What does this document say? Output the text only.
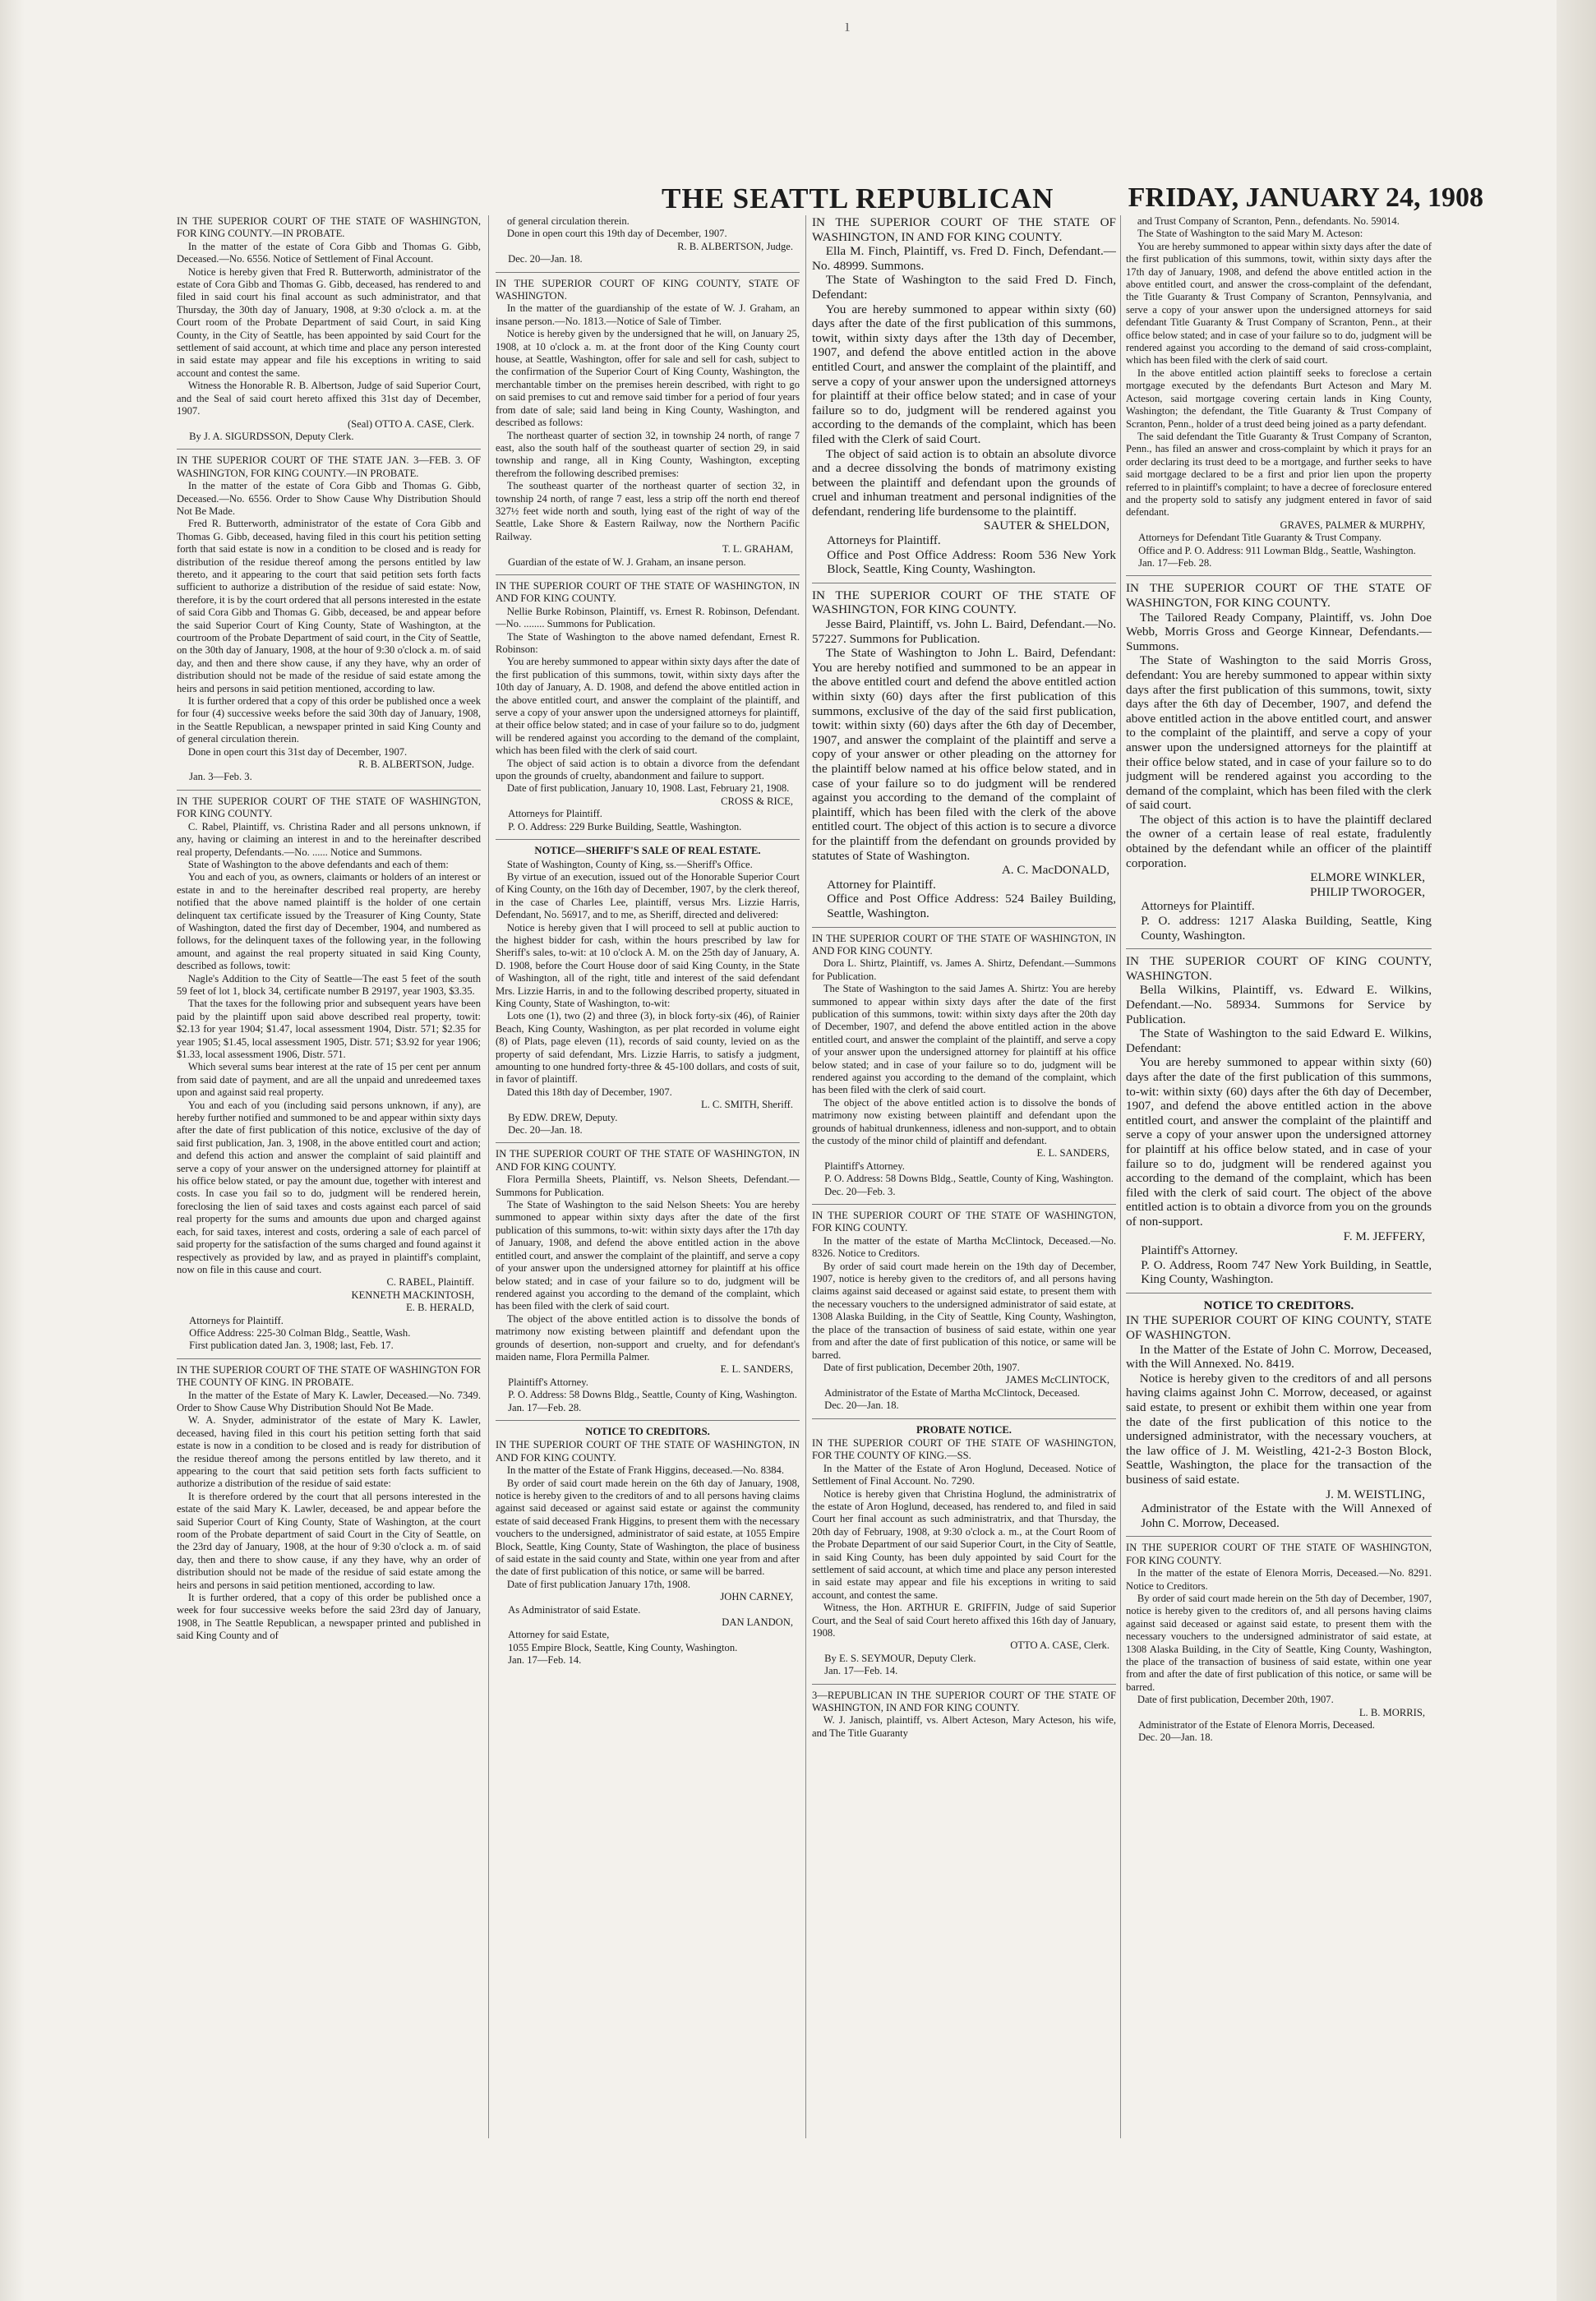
ı
THE SEATTL REPUBLICAN	FRIDAY, JANUARY 24, 1908

IN THE SUPERIOR COURT OF THE STATE OF WASHINGTON, FOR KING COUNTY.—IN PROBATE.

In the matter of the estate of Cora Gibb and Thomas G. Gibb, Deceased.—No. 6556. Notice of Settlement of Final Account.

Notice is hereby given that Fred R. Butterworth, administrator of the estate of Cora Gibb and Thomas G. Gibb, deceased, has rendered to and filed in said court his final account as such administrator, and that Thursday, the 30th day of January, 1908, at 9:30 o'clock a. m. at the Court room of the Probate Department of said Court, in said King County, in the City of Seattle, has been appointed by said Court for the settlement of said account, at which time and place any person interested in said estate may appear and file his exceptions in writing to said account and contest the same.

Witness the Honorable R. B. Albertson, Judge of said Superior Court, and the Seal of said court hereto affixed this 31st day of December, 1907.

(Seal) OTTO A. CASE, Clerk.

By J. A. SIGURDSSON, Deputy Clerk.

IN THE SUPERIOR COURT OF THE STATE JAN. 3—FEB. 3. OF WASHINGTON, FOR KING COUNTY.—IN PROBATE.

In the matter of the estate of Cora Gibb and Thomas G. Gibb, Deceased.—No. 6556. Order to Show Cause Why Distribution Should Not Be Made.

Fred R. Butterworth, administrator of the estate of Cora Gibb and Thomas G. Gibb, deceased, having filed in this court his petition setting forth that said estate is now in a condition to be closed and is ready for distribution of the residue thereof among the persons entitled by law thereto, and it appearing to the court that said petition sets forth facts sufficient to authorize a distribution of the residue of said estate: Now, therefore, it is by the court ordered that all persons interested in the estate of said Cora Gibb and Thomas G. Gibb, deceased, be and appear before the said Superior Court of King County, State of Washington, at the courtroom of the Probate Department of said court, in the City of Seattle, on the 30th day of January, 1908, at the hour of 9:30 o'clock a. m. of said day, and then and there show cause, if any they have, why an order of distribution should not be made of the residue of said estate among the heirs and persons in said petition mentioned, according to law.

It is further ordered that a copy of this order be published once a week for four (4) successive weeks before the said 30th day of January, 1908, in the Seattle Republican, a newspaper printed in said King County and of general circulation therein.

Done in open court this 31st day of December, 1907.

R. B. ALBERTSON, Judge.

Jan. 3—Feb. 3.

IN THE SUPERIOR COURT OF THE STATE OF WASHINGTON, FOR KING COUNTY.

C. Rabel, Plaintiff, vs. Christina Rader and all persons unknown, if any, having or claiming an interest in and to the hereinafter described real property, Defendants.—No. ...... Notice and Summons.

State of Washington to the above defendants and each of them:

You and each of you, as owners, claimants or holders of an interest or estate in and to the hereinafter described real property, are hereby notified that the above named plaintiff is the holder of one certain delinquent tax certificate issued by the Treasurer of King County, State of Washington, dated the first day of December, 1904, and numbered as follows, for the delinquent taxes of the following year, in the following amount, and against the real property situated in said King County, described as follows, towit:

Nagle's Addition to the City of Seattle—The east 5 feet of the south 59 feet of lot 1, block 34, certificate number B 29197, year 1903, $3.35.

That the taxes for the following prior and subsequent years have been paid by the plaintiff upon said above described real property, towit: $2.13 for year 1904; $1.47, local assessment 1904, Distr. 571; $2.35 for year 1905; $1.45, local assessment 1905, Distr. 571; $3.92 for year 1906; $1.33, local assessment 1906, Distr. 571.

Which several sums bear interest at the rate of 15 per cent per annum from said date of payment, and are all the unpaid and unredeemed taxes upon and against said real property.

You and each of you (including said persons unknown, if any), are hereby further notified and summoned to be and appear within sixty days after the date of first publication of this notice, exclusive of the day of said first publication, Jan. 3, 1908, in the above entitled court and action; and defend this action and answer the complaint of said plaintiff and serve a copy of your answer on the undersigned attorney for plaintiff at his office below stated, or pay the amount due, together with interest and costs. In case you fail so to do, judgment will be rendered herein, foreclosing the lien of said taxes and costs against each parcel of said real property for the sums and amounts due upon and charged against each, for said taxes, interest and costs, ordering a sale of each parcel of said property for the satisfaction of the sums charged and found against it respectively as provided by law, and as prayed in plaintiff's complaint, now on file in this cause and court.

C. RABEL, Plaintiff.

KENNETH MACKINTOSH,

E. B. HERALD,

Attorneys for Plaintiff.

Office Address: 225-30 Colman Bldg., Seattle, Wash.

First publication dated Jan. 3, 1908; last, Feb. 17.

IN THE SUPERIOR COURT OF THE STATE OF WASHINGTON FOR THE COUNTY OF KING. IN PROBATE.

In the matter of the Estate of Mary K. Lawler, Deceased.—No. 7349. Order to Show Cause Why Distribution Should Not Be Made.

W. A. Snyder, administrator of the estate of Mary K. Lawler, deceased, having filed in this court his petition setting forth that said estate is now in a condition to be closed and is ready for distribution of the residue thereof among the persons entitled by law thereto, and it appearing to the court that said petition sets forth facts sufficient to authorize a distribution of the residue of said estate:

It is therefore ordered by the court that all persons interested in the estate of the said Mary K. Lawler, deceased, be and appear before the said Superior Court of King County, State of Washington, at the court room of the Probate department of said Court in the City of Seattle, on the 23rd day of January, 1908, at the hour of 9:30 o'clock a. m. of said day, then and there to show cause, if any they have, why an order of distribution should not be made of the residue of said estate among the heirs and persons in said petition mentioned, according to law.

It is further ordered, that a copy of this order be published once a week for four successive weeks before the said 23rd day of January, 1908, in The Seattle Republican, a newspaper printed and published in said King County and of

of general circulation therein.

Done in open court this 19th day of December, 1907.

R. B. ALBERTSON, Judge.

Dec. 20—Jan. 18.

IN THE SUPERIOR COURT OF KING COUNTY, STATE OF WASHINGTON.

In the matter of the guardianship of the estate of W. J. Graham, an insane person.—No. 1813.—Notice of Sale of Timber.

Notice is hereby given by the undersigned that he will, on January 25, 1908, at 10 o'clock a. m. at the front door of the King County court house, at Seattle, Washington, offer for sale and sell for cash, subject to the confirmation of the Superior Court of King County, Washington, the merchantable timber on the premises herein described, with right to go on said premises to cut and remove said timber for a period of four years from date of sale; said land being in King County, Washington, and described as follows:

The northeast quarter of section 32, in township 24 north, of range 7 east, also the south half of the southeast quarter of section 29, in said township and range, all in King County, Washington, excepting therefrom the following described premises:

The southeast quarter of the northeast quarter of section 32, in township 24 north, of range 7 east, less a strip off the north end thereof 327½ feet wide north and south, lying east of the right of way of the Seattle, Lake Shore & Eastern Railway, now the Northern Pacific Railway.

T. L. GRAHAM,

Guardian of the estate of W. J. Graham, an insane person.

IN THE SUPERIOR COURT OF THE STATE OF WASHINGTON, IN AND FOR KING COUNTY.

Nellie Burke Robinson, Plaintiff, vs. Ernest R. Robinson, Defendant.—No. ........ Summons for Publication.

The State of Washington to the above named defendant, Ernest R. Robinson:

You are hereby summoned to appear within sixty days after the date of the first publication of this summons, towit, within sixty days after the 10th day of January, A. D. 1908, and defend the above entitled action in the above entitled court, and answer the complaint of the plaintiff, and serve a copy of your answer upon the undersigned attorneys for plaintiff, at their office below stated; and in case of your failure so to do, judgment will be rendered against you according to the demand of the complaint, which has been filed with the clerk of said court.

The object of said action is to obtain a divorce from the defendant upon the grounds of cruelty, abandonment and failure to support.

Date of first publication, January 10, 1908. Last, February 21, 1908.

CROSS & RICE,

Attorneys for Plaintiff.

P. O. Address: 229 Burke Building, Seattle, Washington.

NOTICE—SHERIFF'S SALE OF REAL ESTATE.

State of Washington, County of King, ss.—Sheriff's Office.

By virtue of an execution, issued out of the Honorable Superior Court of King County, on the 16th day of December, 1907, by the clerk thereof, in the case of Charles Lee, plaintiff, versus Mrs. Lizzie Harris, Defendant, No. 56917, and to me, as Sheriff, directed and delivered:

Notice is hereby given that I will proceed to sell at public auction to the highest bidder for cash, within the hours prescribed by law for Sheriff's sales, to-wit: at 10 o'clock A. M. on the 25th day of January, A. D. 1908, before the Court House door of said King County, in the State of Washington, all of the right, title and interest of the said defendant Mrs. Lizzie Harris, in and to the following described property, situated in King County, State of Washington, to-wit:

Lots one (1), two (2) and three (3), in block forty-six (46), of Rainier Beach, King County, Washington, as per plat recorded in volume eight (8) of Plats, page eleven (11), records of said county, levied on as the property of said defendant, Mrs. Lizzie Harris, to satisfy a judgment, amounting to one hundred forty-three & 45-100 dollars, and costs of suit, in favor of plaintiff.

Dated this 18th day of December, 1907.

L. C. SMITH, Sheriff.

By EDW. DREW, Deputy.

Dec. 20—Jan. 18.

IN THE SUPERIOR COURT OF THE STATE OF WASHINGTON, IN AND FOR KING COUNTY.

Flora Permilla Sheets, Plaintiff, vs. Nelson Sheets, Defendant.—Summons for Publication.

The State of Washington to the said Nelson Sheets: You are hereby summoned to appear within sixty days after the date of the first publication of this summons, to-wit: within sixty days after the 17th day of January, 1908, and defend the above entitled action in the above entitled court, and answer the complaint of the plaintiff, and serve a copy of your answer upon the undersigned attorney for plaintiff at his office below stated; and in case of your failure so to do, judgment will be rendered against you according to the demand of the complaint, which has been filed with the clerk of said court.

The object of the above entitled action is to dissolve the bonds of matrimony now existing between plaintiff and defendant upon the grounds of desertion, non-support and cruelty, and for defendant's maiden name, Flora Permilla Palmer.

E. L. SANDERS,

Plaintiff's Attorney.

P. O. Address: 58 Downs Bldg., Seattle, County of King, Washington.

Jan. 17—Feb. 28.

NOTICE TO CREDITORS.

IN THE SUPERIOR COURT OF THE STATE OF WASHINGTON, IN AND FOR KING COUNTY.

In the matter of the Estate of Frank Higgins, deceased.—No. 8384.

By order of said court made herein on the 6th day of January, 1908, notice is hereby given to the creditors of and to all persons having claims against said deceased or against said estate or against the community estate of said deceased Frank Higgins, to present them with the necessary vouchers to the undersigned, administrator of said estate, at 1055 Empire Block, Seattle, King County, State of Washington, the place of business of said estate in the said county and State, within one year from and after the date of first publication of this notice, or same will be barred.

Date of first publication January 17th, 1908.

JOHN CARNEY,

As Administrator of said Estate.

DAN LANDON,

Attorney for said Estate,

1055 Empire Block, Seattle, King County, Washington.

Jan. 17—Feb. 14.

IN THE SUPERIOR COURT OF THE STATE OF WASHINGTON, IN AND FOR KING COUNTY.

Ella M. Finch, Plaintiff, vs. Fred D. Finch, Defendant.—No. 48999. Summons.

The State of Washington to the said Fred D. Finch, Defendant:

You are hereby summoned to appear within sixty (60) days after the date of the first publication of this summons, towit, within sixty days after the 13th day of December, 1907, and defend the above entitled action in the above entitled Court, and answer the complaint of the plaintiff, and serve a copy of your answer upon the undersigned attorneys for plaintiff at their office below stated; and in case of your failure so to do, judgment will be rendered against you according to the demands of the complaint, which has been filed with the Clerk of said Court.

The object of said action is to obtain an absolute divorce and a decree dissolving the bonds of matrimony existing between the plaintiff and defendant upon the grounds of cruel and inhuman treatment and personal indignities of the defendant, rendering life burdensome to the plaintiff.

SAUTER & SHELDON,

Attorneys for Plaintiff.

Office and Post Office Address: Room 536 New York Block, Seattle, King County, Washington.

IN THE SUPERIOR COURT OF THE STATE OF WASHINGTON, FOR KING COUNTY.

Jesse Baird, Plaintiff, vs. John L. Baird, Defendant.—No. 57227. Summons for Publication.

The State of Washington to John L. Baird, Defendant: You are hereby notified and summoned to be an appear in the above entitled court and defend the above entitled action within sixty (60) days after the first publication of this summons, exclusive of the day of the said first publication, towit: within sixty (60) days after the 6th day of December, 1907, and answer the complaint of the plaintiff and serve a copy of your answer or other pleading on the attorney for the plaintiff below named at his office below stated, and in case of your failure so to do judgment will be rendered against you according to the demand of the complaint of plaintiff, which has been filed with the clerk of the above entitled court. The object of this action is to secure a divorce for the plaintiff from the defendant on grounds provided by statutes of State of Washington.

A. C. MacDONALD,

Attorney for Plaintiff.

Office and Post Office Address: 524 Bailey Building, Seattle, Washington.

IN THE SUPERIOR COURT OF THE STATE OF WASHINGTON, IN AND FOR KING COUNTY.

Dora L. Shirtz, Plaintiff, vs. James A. Shirtz, Defendant.—Summons for Publication.

The State of Washington to the said James A. Shirtz: You are hereby summoned to appear within sixty days after the date of the first publication of this summons, towit: within sixty days after the 20th day of December, 1907, and defend the above entitled action in the above entitled court, and answer the complaint of the plaintiff, and serve a copy of your answer upon the undersigned attorney for plaintiff at his office below stated; and in case of your failure so to do, judgment will be rendered against you according to the demand of the complaint, which has been filed with the clerk of said court.

The object of the above entitled action is to dissolve the bonds of matrimony now existing between plaintiff and defendant upon the grounds of habitual drunkenness, idleness and non-support, and to obtain the custody of the minor child of plaintiff and defendant.

E. L. SANDERS,

Plaintiff's Attorney.

P. O. Address: 58 Downs Bldg., Seattle, County of King, Washington.

Dec. 20—Feb. 3.

IN THE SUPERIOR COURT OF THE STATE OF WASHINGTON, FOR KING COUNTY.

In the matter of the estate of Martha McClintock, Deceased.—No. 8326. Notice to Creditors.

By order of said court made herein on the 19th day of December, 1907, notice is hereby given to the creditors of, and all persons having claims against said deceased or against said estate, to present them with the necessary vouchers to the undersigned administrator of said estate, at 1308 Alaska Building, in the City of Seattle, King County, Washington, the place of the transaction of business of said estate, within one year from and after the date of first publication of this notice, or same will be barred.

Date of first publication, December 20th, 1907.

JAMES McCLINTOCK,

Administrator of the Estate of Martha McClintock, Deceased.

Dec. 20—Jan. 18.

PROBATE NOTICE.

IN THE SUPERIOR COURT OF THE STATE OF WASHINGTON, FOR THE COUNTY OF KING.—SS.

In the Matter of the Estate of Aron Hoglund, Deceased. Notice of Settlement of Final Account. No. 7290.

Notice is hereby given that Christina Hoglund, the administratrix of the estate of Aron Hoglund, deceased, has rendered to, and filed in said Court her final account as such administratrix, and that Thursday, the 20th day of February, 1908, at 9:30 o'clock a. m., at the Court Room of the Probate Department of our said Superior Court, in the City of Seattle, in said King County, has been duly appointed by said Court for the settlement of said account, at which time and place any person interested in said estate may appear and file his exceptions in writing to said account, and contest the same.

Witness, the Hon. ARTHUR E. GRIFFIN, Judge of said Superior Court, and the Seal of said Court hereto affixed this 16th day of January, 1908.

OTTO A. CASE, Clerk.

By E. S. SEYMOUR, Deputy Clerk.

Jan. 17—Feb. 14.

3—REPUBLICAN IN THE SUPERIOR COURT OF THE STATE OF WASHINGTON, IN AND FOR KING COUNTY.

W. J. Janisch, plaintiff, vs. Albert Acteson, Mary Acteson, his wife, and The Title Guaranty

and Trust Company of Scranton, Penn., defendants. No. 59014.

The State of Washington to the said Mary M. Acteson:

You are hereby summoned to appear within sixty days after the date of the first publication of this summons, towit, within sixty days after the 17th day of January, 1908, and defend the above entitled action in the above entitled court, and answer the cross-complaint of the defendant, the Title Guaranty & Trust Company of Scranton, Pennsylvania, and serve a copy of your answer upon the undersigned attorneys for said defendant Title Guaranty & Trust Company of Scranton, Penn., at their office below stated; and in case of your failure so to do, judgment will be rendered against you according to the demand of said cross-complaint, which has been filed with the clerk of said court.

In the above entitled action plaintiff seeks to foreclose a certain mortgage executed by the defendants Burt Acteson and Mary M. Acteson, said mortgage covering certain lands in King County, Washington; the defendant, the Title Guaranty & Trust Company of Scranton, Penn., holder of a trust deed being joined as a party defendant.

The said defendant the Title Guaranty & Trust Company of Scranton, Penn., has filed an answer and cross-complaint by which it prays for an order declaring its trust deed to be a mortgage, and further seeks to have said mortgage declared to be a first and prior lien upon the property referred to in plaintiff's complaint; to have a decree of foreclosure entered and the property sold to satisfy any judgment entered in favor of said defendant.

GRAVES, PALMER & MURPHY,

Attorneys for Defendant Title Guaranty & Trust Company.

Office and P. O. Address: 911 Lowman Bldg., Seattle, Washington.

Jan. 17—Feb. 28.

IN THE SUPERIOR COURT OF THE STATE OF WASHINGTON, FOR KING COUNTY.

The Tailored Ready Company, Plaintiff, vs. John Doe Webb, Morris Gross and George Kinnear, Defendants.—Summons.

The State of Washington to the said Morris Gross, defendant: You are hereby summoned to appear within sixty days after the first publication of this summons, towit, sixty days after the 6th day of December, 1907, and defend the above entitled action in the above entitled court, and answer to the complaint of the plaintiff, and serve a copy of your answer upon the undersigned attorneys for the plaintiff at their office below stated, and in case of your failure so to do judgment will be rendered against you according to the demand of the complaint, which has been filed with the clerk of said court.

The object of this action is to have the plaintiff declared the owner of a certain lease of real estate, fradulently obtained by the defendant while an officer of the plaintiff corporation.

ELMORE WINKLER,

PHILIP TWOROGER,

Attorneys for Plaintiff.

P. O. address: 1217 Alaska Building, Seattle, King County, Washington.

IN THE SUPERIOR COURT OF KING COUNTY, WASHINGTON.

Bella Wilkins, Plaintiff, vs. Edward E. Wilkins, Defendant.—No. 58934. Summons for Service by Publication.

The State of Washington to the said Edward E. Wilkins, Defendant:

You are hereby summoned to appear within sixty (60) days after the date of the first publication of this summons, to-wit: within sixty (60) days after the 6th day of December, 1907, and defend the above entitled action in the above entitled court, and answer the complaint of the plaintiff and serve a copy of your answer upon the undersigned attorney for plaintiff at his office below stated, and in case of your failure so to do, judgment will be rendered against you according to the demand of the complaint, which has been filed with the clerk of said court. The object of the above entitled action is to obtain a divorce from you on the grounds of non-support.

F. M. JEFFERY,

Plaintiff's Attorney.

P. O. Address, Room 747 New York Building, in Seattle, King County, Washington.

NOTICE TO CREDITORS.

IN THE SUPERIOR COURT OF KING COUNTY, STATE OF WASHINGTON.

In the Matter of the Estate of John C. Morrow, Deceased, with the Will Annexed. No. 8419.

Notice is hereby given to the creditors of and all persons having claims against John C. Morrow, deceased, or against said estate, to present or exhibit them within one year from the date of the first publication of this notice to the undersigned administrator, with the necessary vouchers, at the law office of J. M. Weistling, 421-2-3 Boston Block, Seattle, Washington, the place for the transaction of the business of said estate.

J. M. WEISTLING,

Administrator of the Estate with the Will Annexed of John C. Morrow, Deceased.

IN THE SUPERIOR COURT OF THE STATE OF WASHINGTON, FOR KING COUNTY.

In the matter of the estate of Elenora Morris, Deceased.—No. 8291. Notice to Creditors.

By order of said court made herein on the 5th day of December, 1907, notice is hereby given to the creditors of, and all persons having claims against said deceased or against said estate, to present them with the necessary vouchers to the undersigned administrator of said estate, at 1308 Alaska Building, in the City of Seattle, King County, Washington, the place of the transaction of business of said estate, within one year from and after the date of first publication of this notice, or same will be barred.

Date of first publication, December 20th, 1907.

L. B. MORRIS,

Administrator of the Estate of Elenora Morris, Deceased.

Dec. 20—Jan. 18.
